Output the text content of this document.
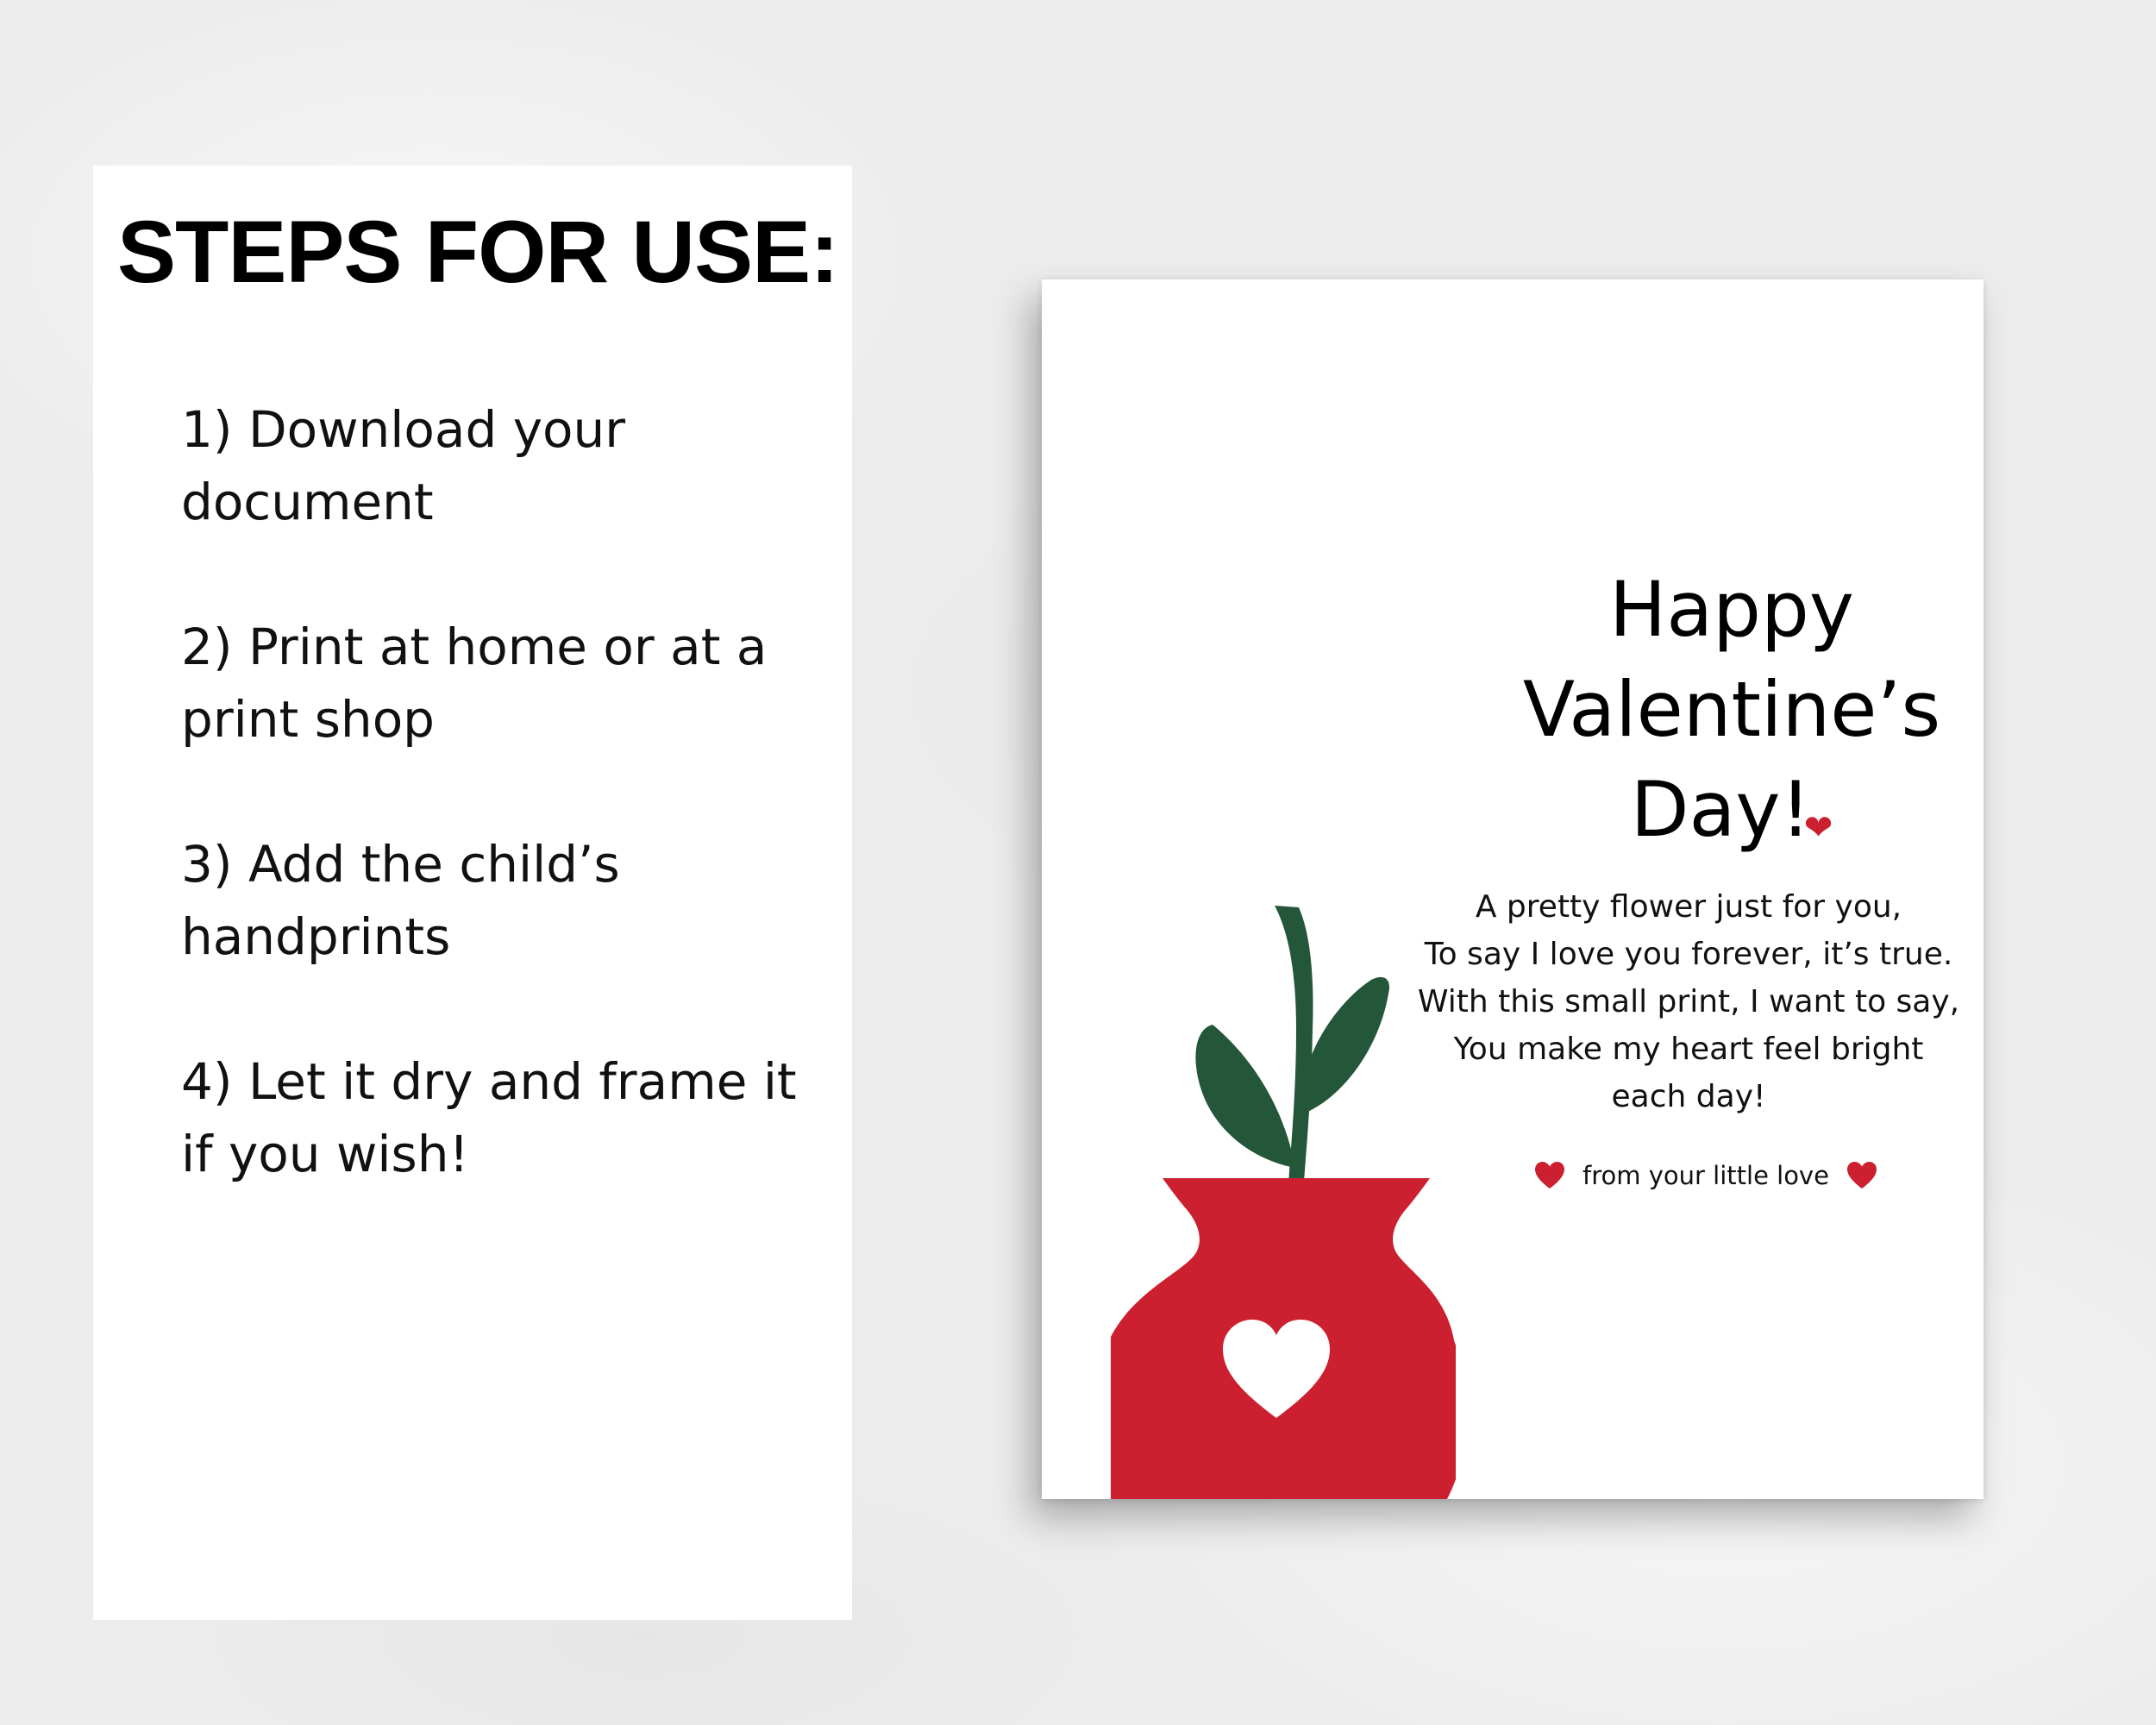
STEPS FOR USE:
1) Download your
document
2) Print at home or at a
print shop
3) Add the child’s
handprints
4) Let it dry and frame it
if you wish!
Happy
Valentine’s
Day!❤
A pretty flower just for you,
To say I love you forever, it’s true.
With this small print, I want to say,
You make my heart feel bright
each day!
from your little love
